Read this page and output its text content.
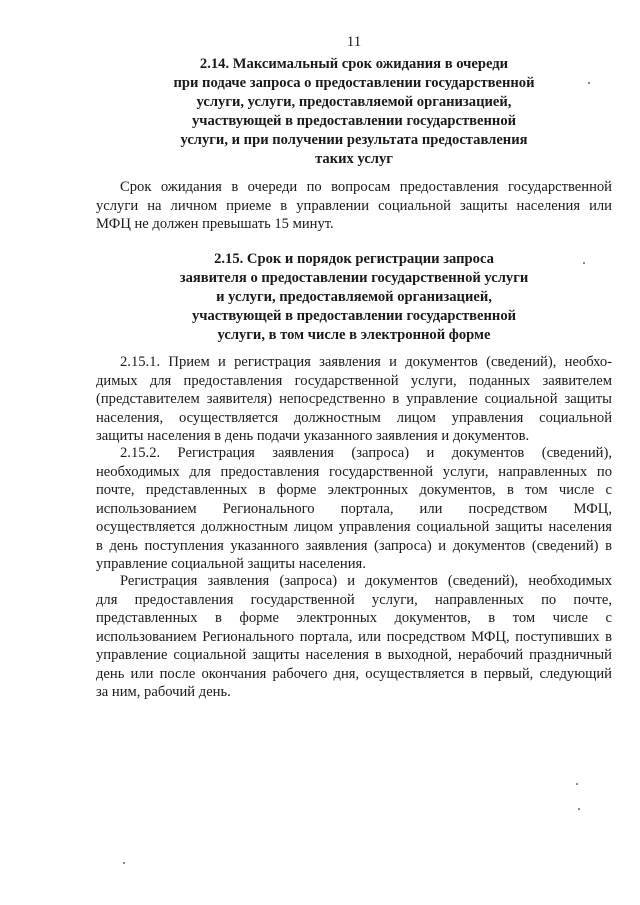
11
2.14. Максимальный срок ожидания в очереди
при подаче запроса о предоставлении государственной
услуги, услуги, предоставляемой организацией,
участвующей в предоставлении государственной
услуги, и при получении результата предоставления
таких услуг

Срок ожидания в очереди по вопросам предоставления государственной
услуги на личном приеме в управлении социальной защиты населения или
МФЦ не должен превышать 15 минут.

2.15. Срок и порядок регистрации запроса
заявителя о предоставлении государственной услуги
и услуги, предоставляемой организацией,
участвующей в предоставлении государственной
услуги, в том числе в электронной форме

2.15.1. Прием и регистрация заявления и документов (сведений), необхо-
димых для предоставления государственной услуги, поданных заявителем
(представителем заявителя) непосредственно в управление социальной защиты
населения, осуществляется должностным лицом управления социальной
защиты населения в день подачи указанного заявления и документов.

2.15.2. Регистрация заявления (запроса) и документов (сведений),
необходимых для предоставления государственной услуги, направленных по
почте, представленных в форме электронных документов, в том числе с
использованием Регионального портала, или посредством МФЦ,
осуществляется должностным лицом управления социальной защиты населения
в день поступления указанного заявления (запроса) и документов (сведений) в
управление социальной защиты населения.

Регистрация заявления (запроса) и документов (сведений), необходимых
для предоставления государственной услуги, направленных по почте,
представленных в форме электронных документов, в том числе с
использованием Регионального портала, или посредством МФЦ, поступивших в
управление социальной защиты населения в выходной, нерабочий праздничный
день или после окончания рабочего дня, осуществляется в первый, следующий
за ним, рабочий день.
